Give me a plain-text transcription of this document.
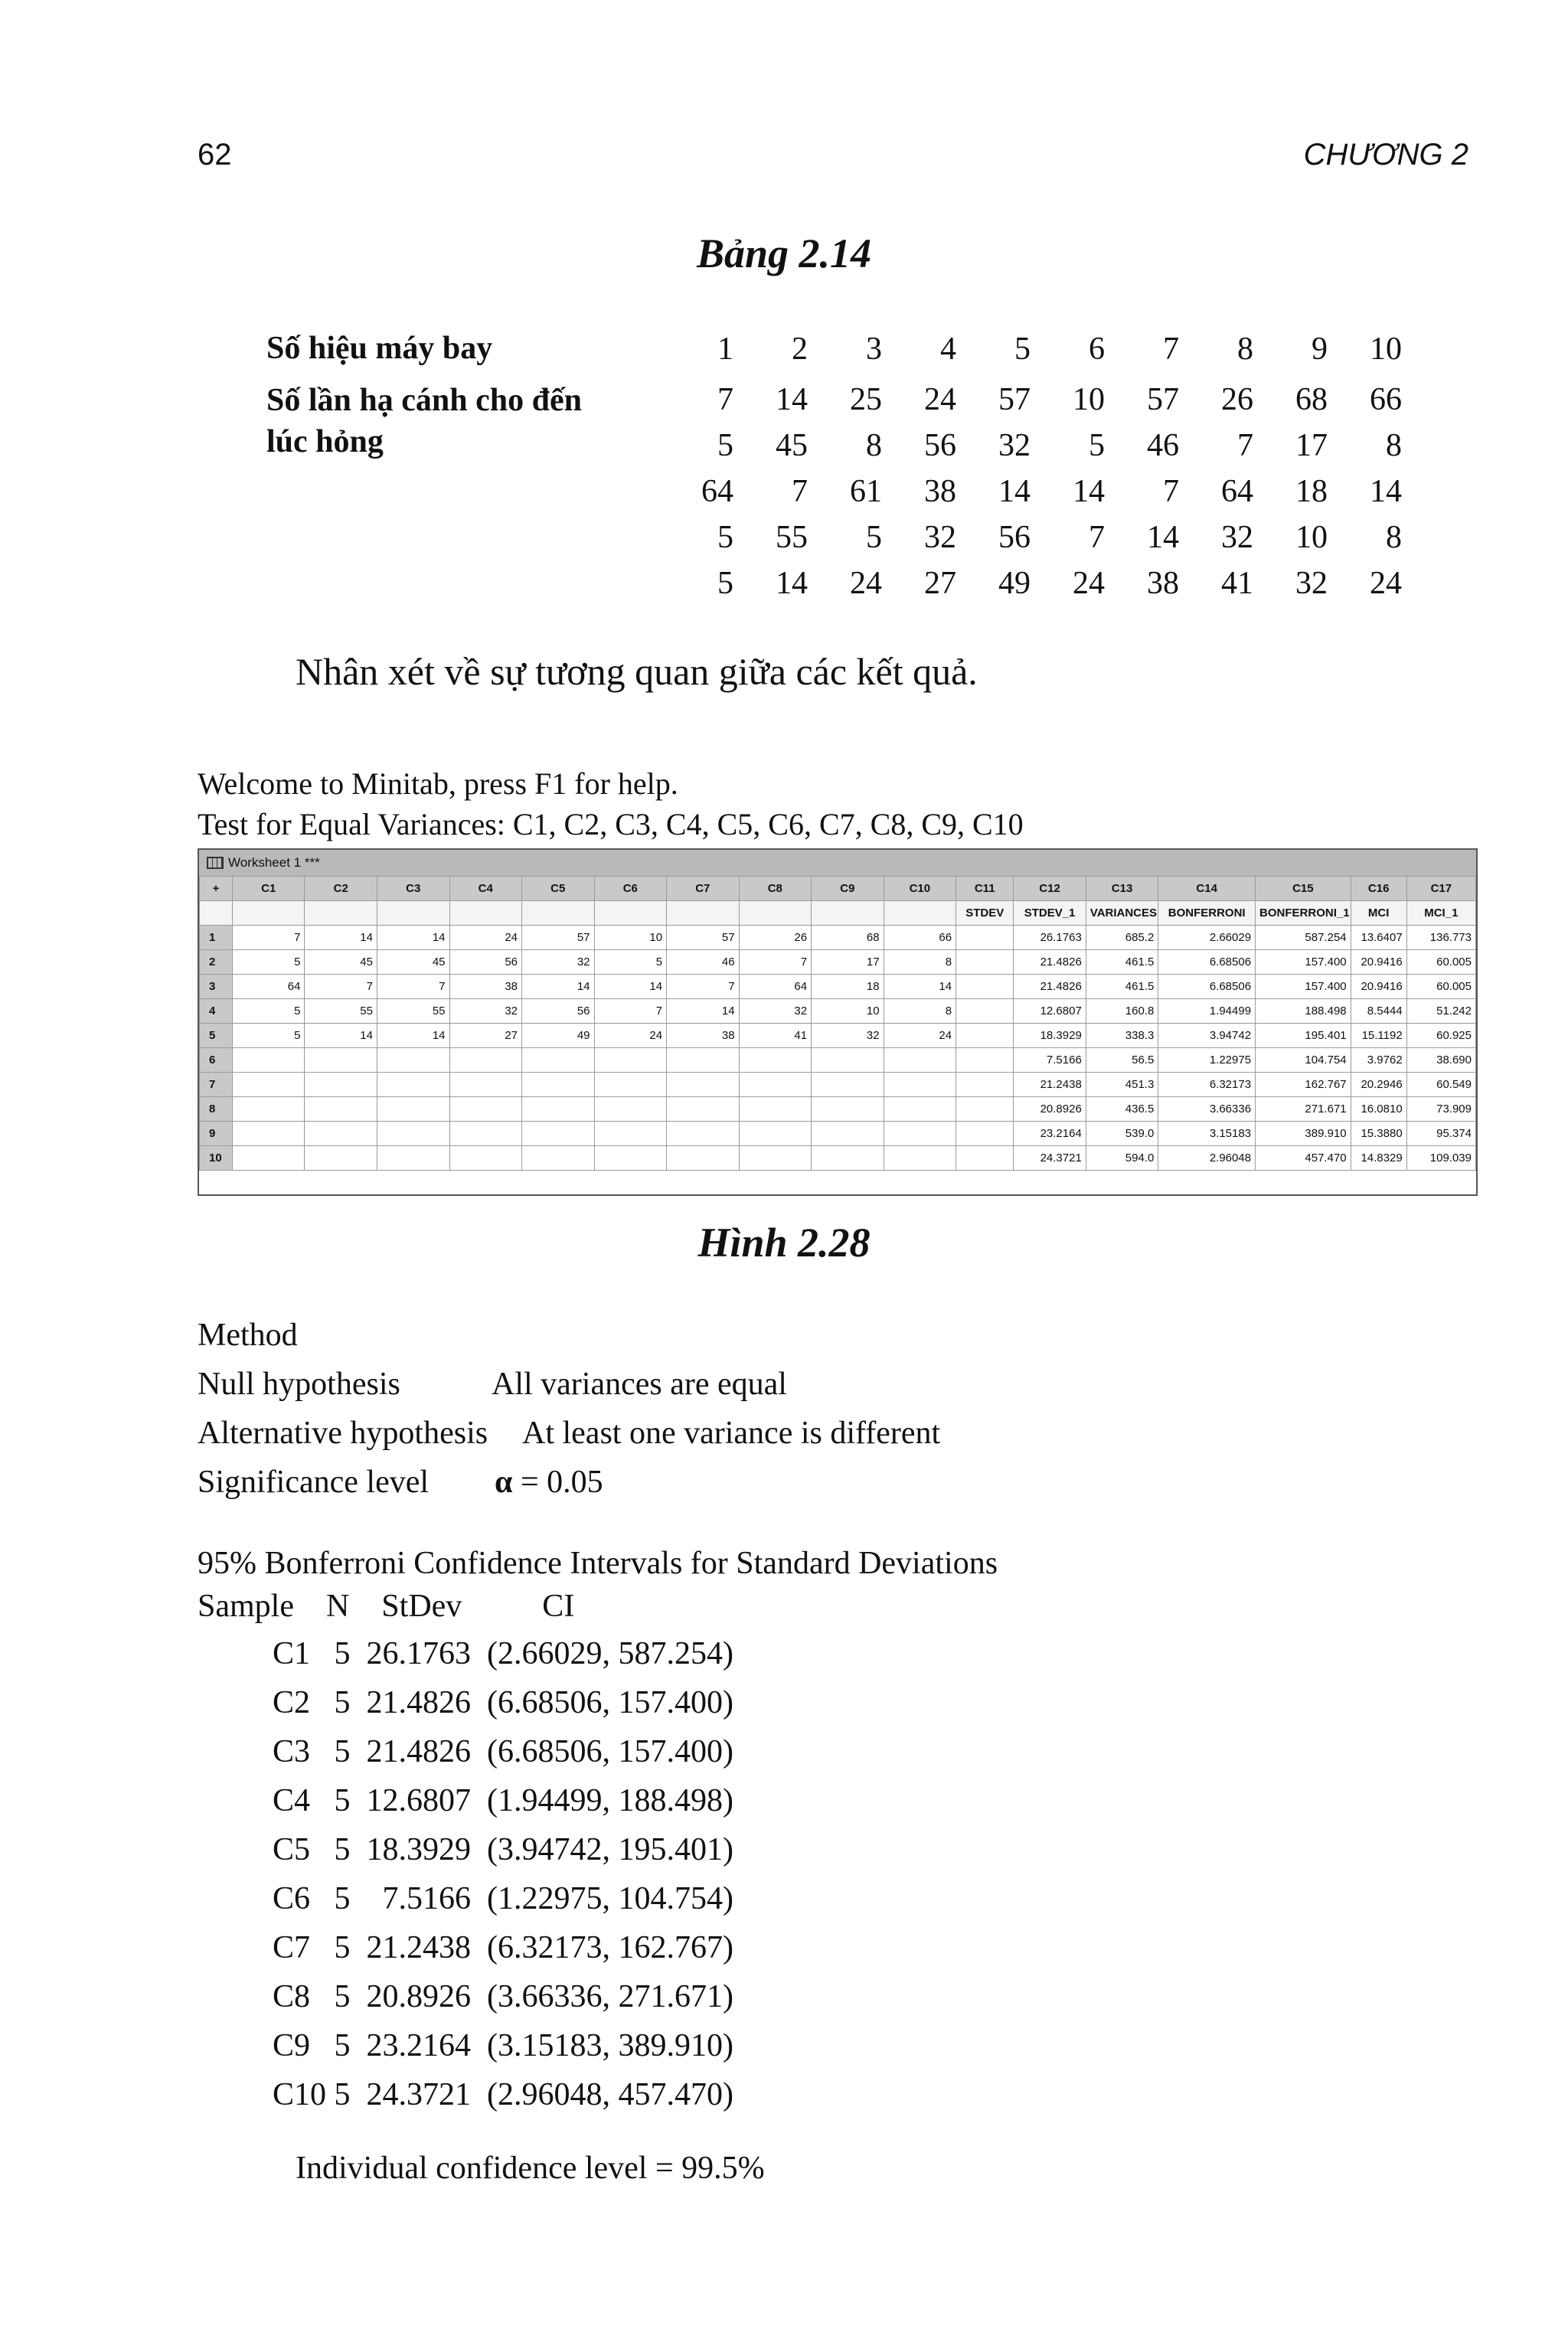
62	CHƯƠNG 2
Bảng 2.14
Số hiệu máy bay
Số lần hạ cánh cho đến
lúc hỏng
1	2	3	4	5	6	7	8	9	10
7	14	25	24	57	10	57	26	68	66
5	45	8	56	32	5	46	7	17	8
64	7	61	38	14	14	7	64	18	14
5	55	5	32	56	7	14	32	10	8
5	14	24	27	49	24	38	41	32	24
Nhân xét về sự tương quan giữa các kết quả.
Welcome to Minitab, press F1 for help.
Test for Equal Variances: C1, C2, C3, C4, C5, C6, C7, C8, C9, C10
Worksheet 1 ***
+	C1	C2	C3	C4	C5	C6	C7	C8	C9	C10	C11	C12	C13	C14	C15	C16	C17
											STDEV	STDEV_1	VARIANCES	BONFERRONI	BONFERRONI_1	MCI	MCI_1
1	7	14	14	24	57	10	57	26	68	66		26.1763	685.2	2.66029	587.254	13.6407	136.773
2	5	45	45	56	32	5	46	7	17	8		21.4826	461.5	6.68506	157.400	20.9416	60.005
3	64	7	7	38	14	14	7	64	18	14		21.4826	461.5	6.68506	157.400	20.9416	60.005
4	5	55	55	32	56	7	14	32	10	8		12.6807	160.8	1.94499	188.498	8.5444	51.242
5	5	14	14	27	49	24	38	41	32	24		18.3929	338.3	3.94742	195.401	15.1192	60.925
6												7.5166	56.5	1.22975	104.754	3.9762	38.690
7												21.2438	451.3	6.32173	162.767	20.2946	60.549
8												20.8926	436.5	3.66336	271.671	16.0810	73.909
9												23.2164	539.0	3.15183	389.910	15.3880	95.374
10												24.3721	594.0	2.96048	457.470	14.8329	109.039
Hình 2.28
Method
Null hypothesis	All variances are equal
Alternative hypothesis At least one variance is different
Significance level α = 0.05
95% Bonferroni Confidence Intervals for Standard Deviations
Sample    N    StDev          CI
C1   5  26.1763  (2.66029, 587.254)
C2   5  21.4826  (6.68506, 157.400)
C3   5  21.4826  (6.68506, 157.400)
C4   5  12.6807  (1.94499, 188.498)
C5   5  18.3929  (3.94742, 195.401)
C6   5    7.5166  (1.22975, 104.754)
C7   5  21.2438  (6.32173, 162.767)
C8   5  20.8926  (3.66336, 271.671)
C9   5  23.2164  (3.15183, 389.910)
C10 5  24.3721  (2.96048, 457.470)
Individual confidence level = 99.5%
